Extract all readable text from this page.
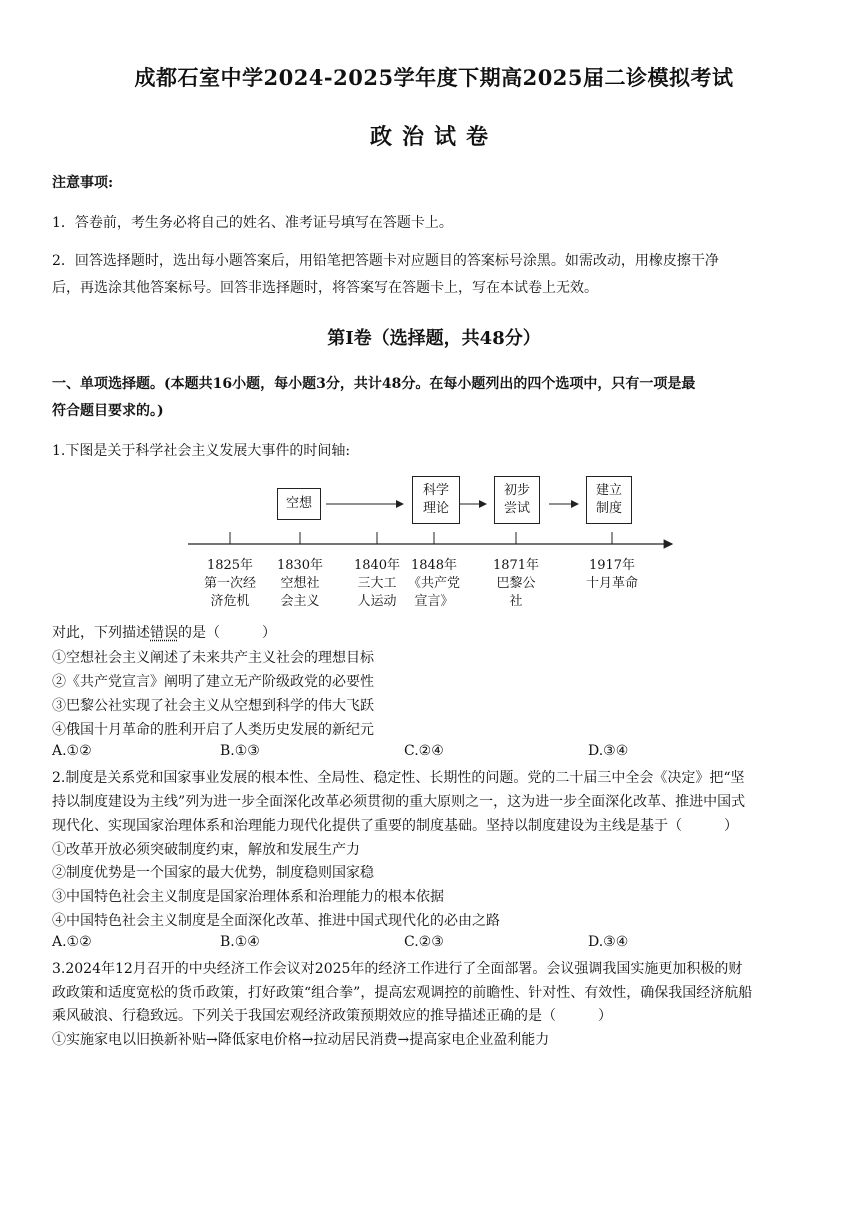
成都石室中学2024-2025学年度下期高2025届二诊模拟考试
政治试卷
注意事项:
1．答卷前，考生务必将自己的姓名、准考证号填写在答题卡上。
2．回答选择题时，选出每小题答案后，用铅笔把答题卡对应题目的答案标号涂黑。如需改动，用橡皮擦干净
后，再选涂其他答案标号。回答非选择题时，将答案写在答题卡上，写在本试卷上无效。
第Ⅰ卷（选择题，共48分）
一、单项选择题。(本题共16小题，每小题3分，共计48分。在每小题列出的四个选项中，只有一项是最
符合题目要求的。)
1.下图是关于科学社会主义发展大事件的时间轴:
空想
科学理论
初步尝试
建立制度
1825年
第一次经
济危机
1830年
空想社
会主义
1840年
三大工
人运动
1848年
《共产党
宣言》
1871年
巴黎公
社
1917年
十月革命
对此，下列描述错误的是（　　　）
①空想社会主义阐述了未来共产主义社会的理想目标
②《共产党宣言》阐明了建立无产阶级政党的必要性
③巴黎公社实现了社会主义从空想到科学的伟大飞跃
④俄国十月革命的胜利开启了人类历史发展的新纪元
A.①②	B.①③	C.②④	D.③④
2.制度是关系党和国家事业发展的根本性、全局性、稳定性、长期性的问题。党的二十届三中全会《决定》把“坚
持以制度建设为主线”列为进一步全面深化改革必须贯彻的重大原则之一，这为进一步全面深化改革、推进中国式
现代化、实现国家治理体系和治理能力现代化提供了重要的制度基础。坚持以制度建设为主线是基于（　　　）
①改革开放必须突破制度约束，解放和发展生产力
②制度优势是一个国家的最大优势，制度稳则国家稳
③中国特色社会主义制度是国家治理体系和治理能力的根本依据
④中国特色社会主义制度是全面深化改革、推进中国式现代化的必由之路
A.①②	B.①④	C.②③	D.③④
3.2024年12月召开的中央经济工作会议对2025年的经济工作进行了全面部署。会议强调我国实施更加积极的财
政政策和适度宽松的货币政策，打好政策“组合拳”，提高宏观调控的前瞻性、针对性、有效性，确保我国经济航船
乘风破浪、行稳致远。下列关于我国宏观经济政策预期效应的推导描述正确的是（　　　）
①实施家电以旧换新补贴→降低家电价格→拉动居民消费→提高家电企业盈利能力
